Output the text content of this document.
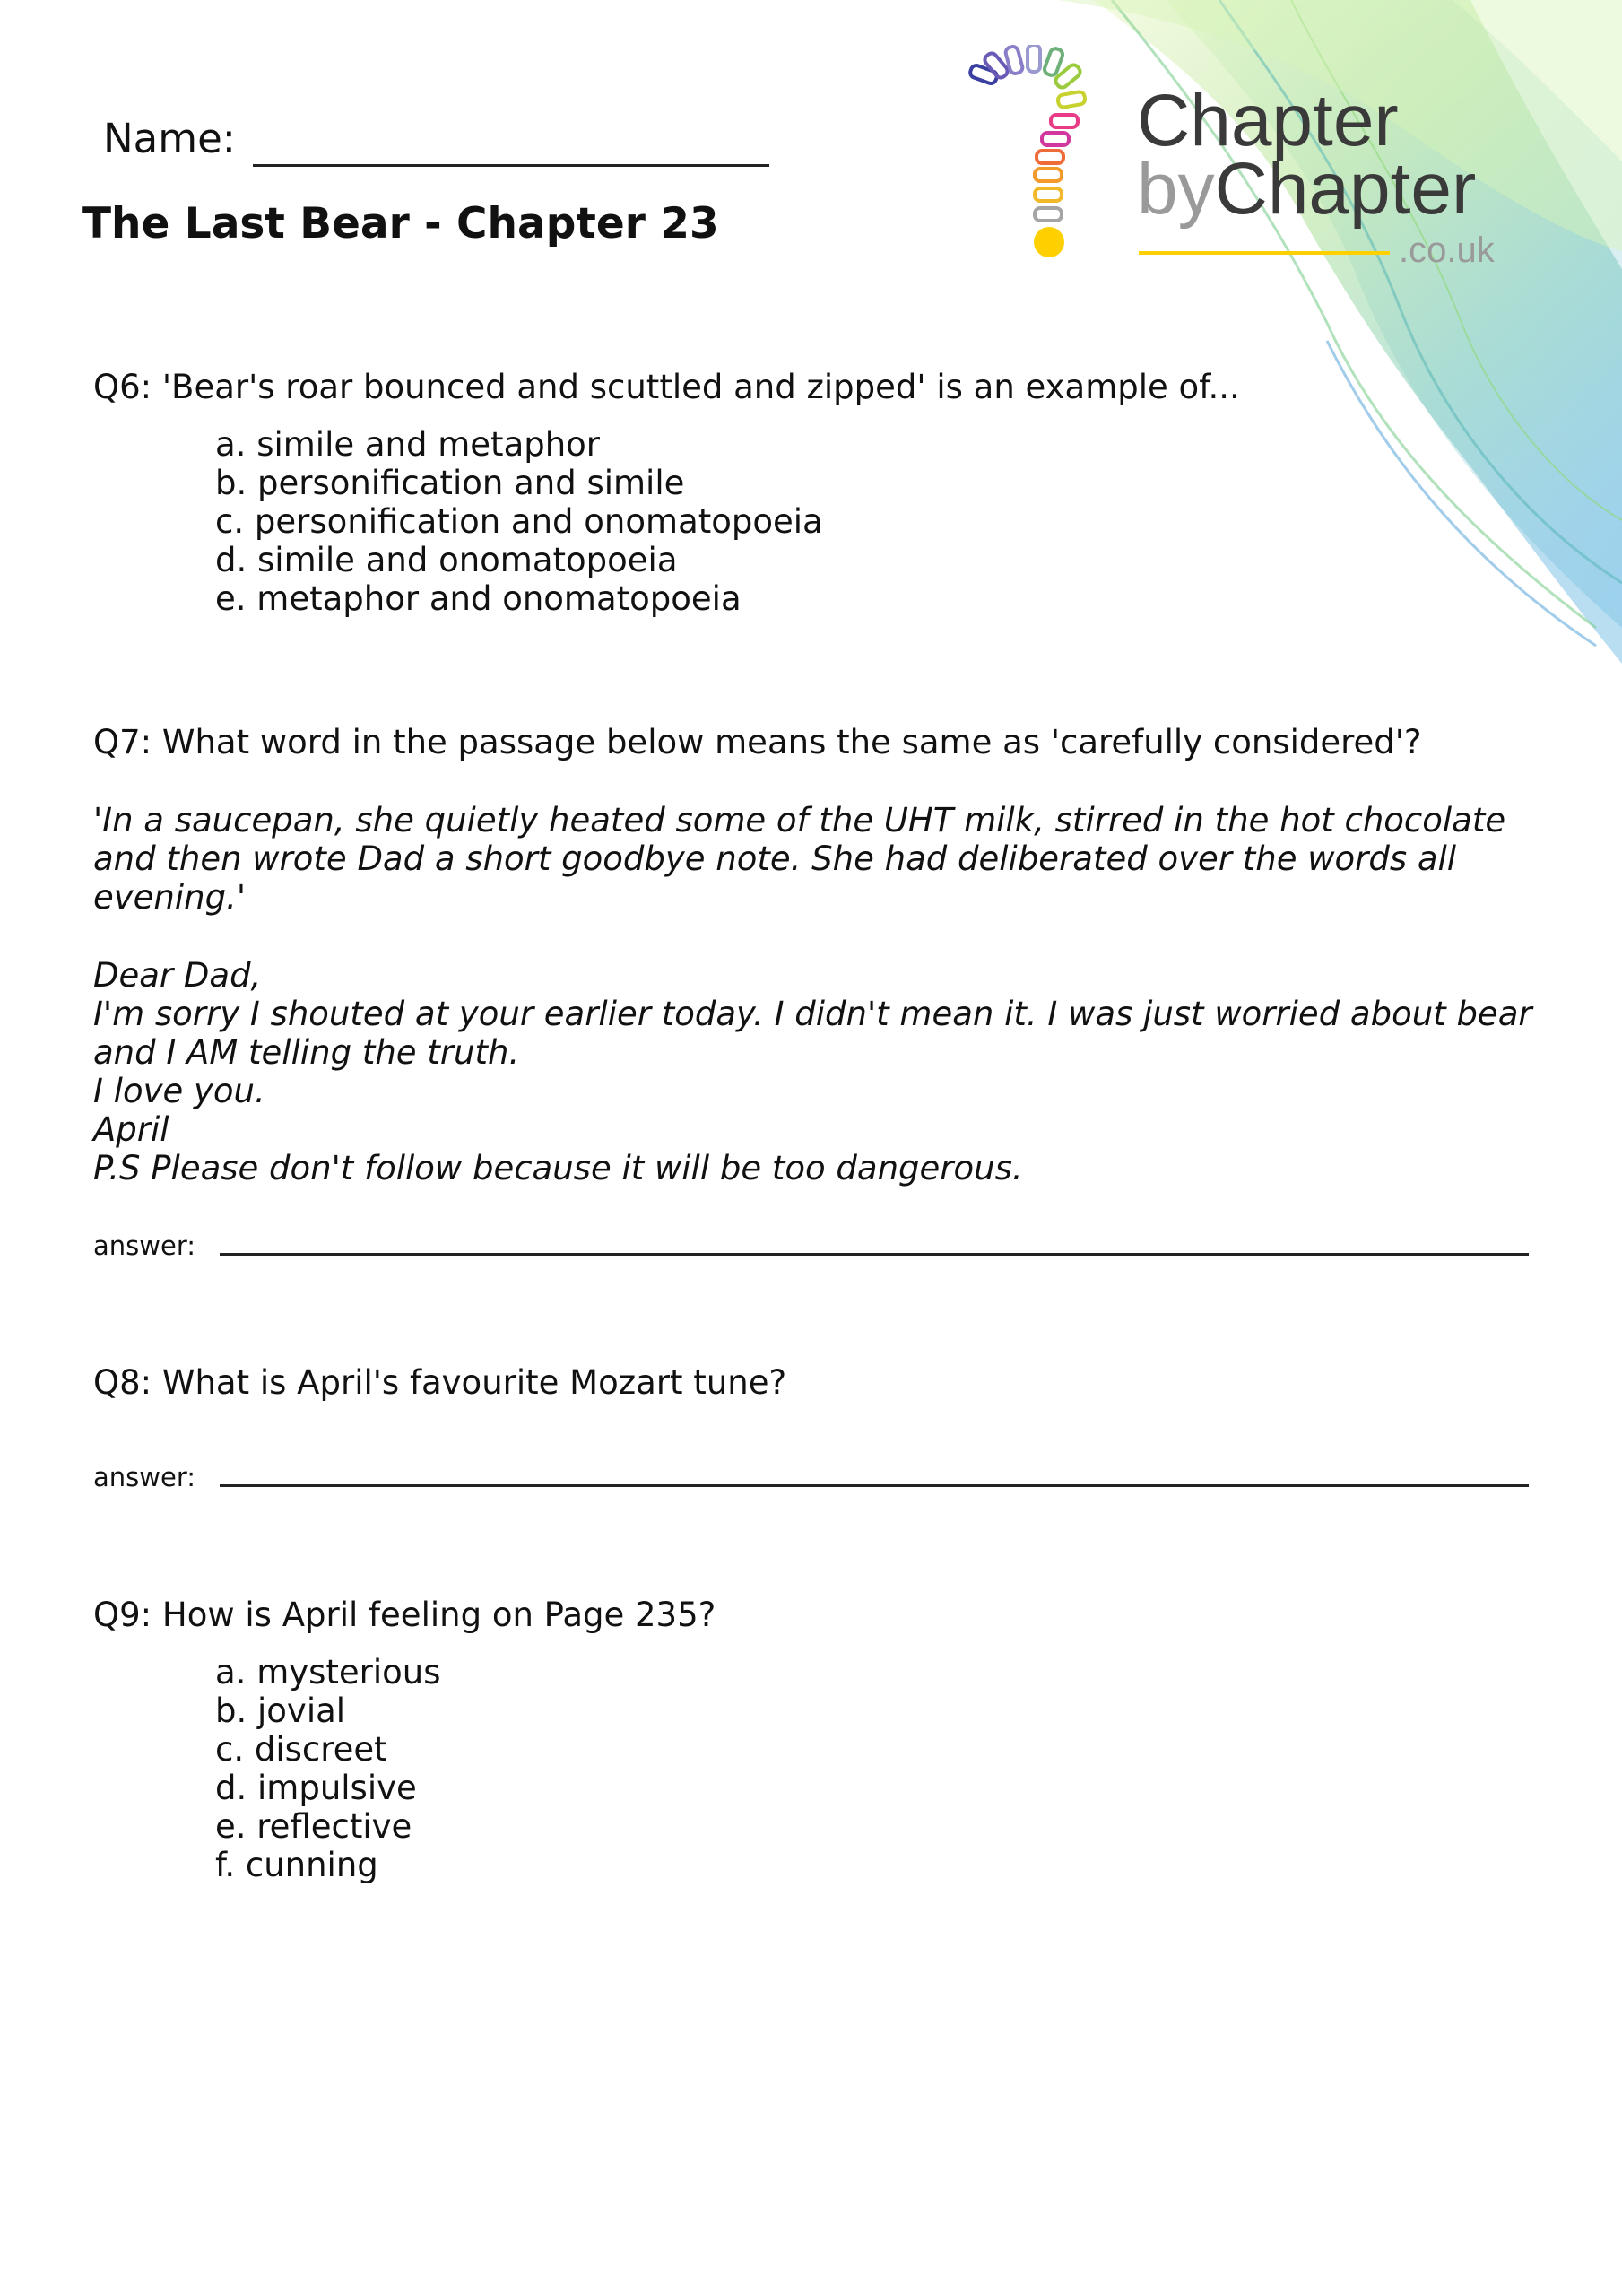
Chapter
byChapter
.co.uk
Name:
The Last Bear - Chapter 23
Q6: 'Bear's roar bounced and scuttled and zipped' is an example of...
a. simile and metaphor
b. personification and simile
c. personification and onomatopoeia
d. simile and onomatopoeia
e. metaphor and onomatopoeia
Q7: What word in the passage below means the same as 'carefully considered'?
'In a saucepan, she quietly heated some of the UHT milk, stirred in the hot chocolate and then wrote Dad a short goodbye note. She had deliberated over the words all evening.'
Dear Dad,
I'm sorry I shouted at your earlier today. I didn't mean it. I was just worried about bear
and I AM telling the truth.
I love you.
April
P.S Please don't follow because it will be too dangerous.
answer:
Q8: What is April's favourite Mozart tune?
answer:
Q9: How is April feeling on Page 235?
a. mysterious
b. jovial
c. discreet
d. impulsive
e. reflective
f. cunning
